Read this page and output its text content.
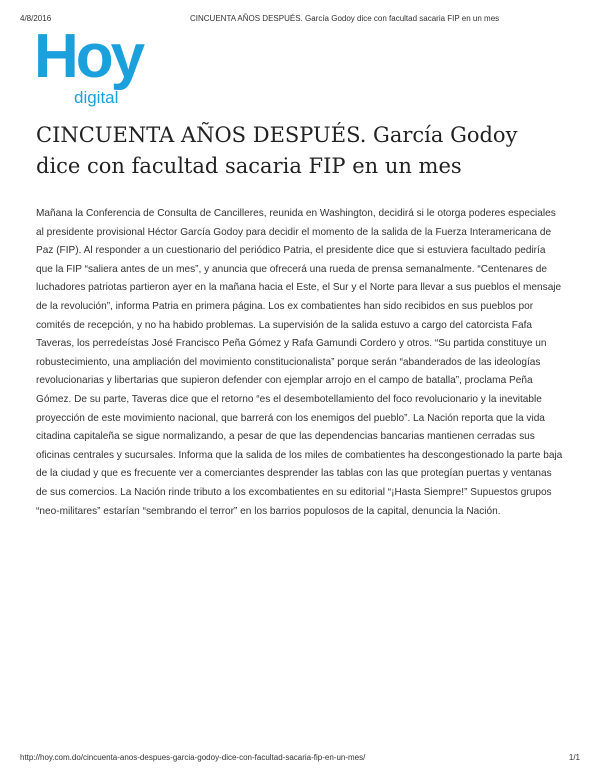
4/8/2016	CINCUENTA AÑOS DESPUÉS. García Godoy dice con facultad sacaria FIP en un mes
Hoy
digital
CINCUENTA AÑOS DESPUÉS. García Godoy dice con facultad sacaria FIP en un mes

Mañana la Conferencia de Consulta de Cancilleres, reunida en Washington, decidirá si le otorga poderes especiales al presidente provisional Héctor García Godoy para decidir el momento de la salida de la Fuerza Interamericana de Paz (FIP). Al responder a un cuestionario del periódico Patria, el presidente dice que si estuviera facultado pediría que la FIP “saliera antes de un mes”, y anuncia que ofrecerá una rueda de prensa semanalmente. “Centenares de luchadores patriotas partieron ayer en la mañana hacia el Este, el Sur y el Norte para llevar a sus pueblos el mensaje de la revolución”, informa Patria en primera página. Los ex combatientes han sido recibidos en sus pueblos por comités de recepción, y no ha habido problemas. La supervisión de la salida estuvo a cargo del catorcista Fafa Taveras, los perredeístas José Francisco Peña Gómez y Rafa Gamundi Cordero y otros. “Su partida constituye un robustecimiento, una ampliación del movimiento constitucionalista” porque serán “abanderados de las ideologías revolucionarias y libertarias que supieron defender con ejemplar arrojo en el campo de batalla”, proclama Peña Gómez. De su parte, Taveras dice que el retorno “es el desembotellamiento del foco revolucionario y la inevitable proyección de este movimiento nacional, que barrerá con los enemigos del pueblo”. La Nación reporta que la vida citadina capitaleña se sigue normalizando, a pesar de que las dependencias bancarias mantienen cerradas sus oficinas centrales y sucursales. Informa que la salida de los miles de combatientes ha descongestionado la parte baja de la ciudad y que es frecuente ver a comerciantes desprender las tablas con las que protegían puertas y ventanas de sus comercios. La Nación rinde tributo a los excombatientes en su editorial “¡Hasta Siempre!” Supuestos grupos “neo-militares” estarían “sembrando el terror” en los barrios populosos de la capital, denuncia la Nación.

http://hoy.com.do/cincuenta-anos-despues-garcia-godoy-dice-con-facultad-sacaria-fip-en-un-mes/	1/1
